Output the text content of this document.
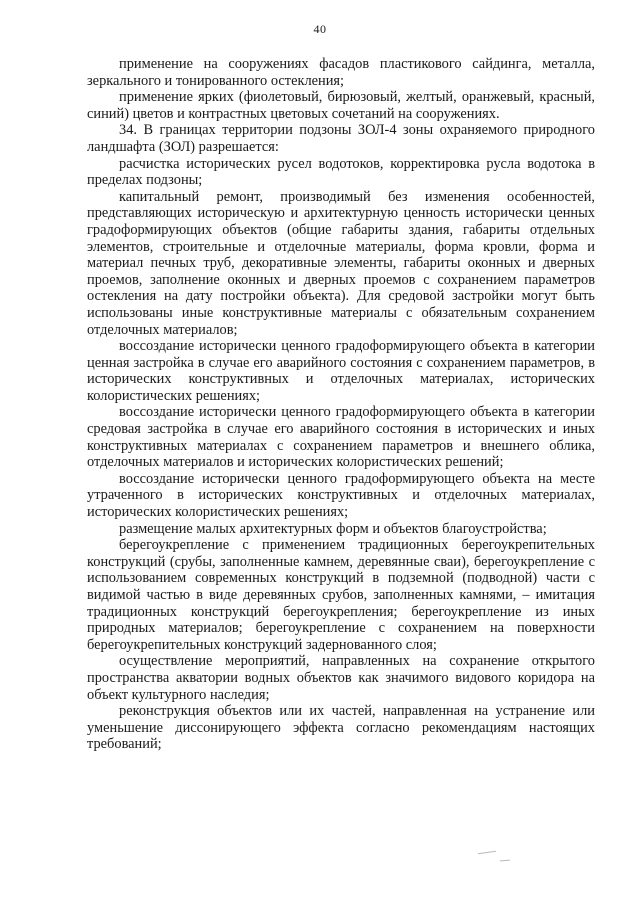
40

применение на сооружениях фасадов пластикового сайдинга, металла, зеркального и тонированного остекления;

применение ярких (фиолетовый, бирюзовый, желтый, оранжевый, красный, синий) цветов и контрастных цветовых сочетаний на сооружениях.

34. В границах территории подзоны ЗОЛ-4 зоны охраняемого природного ландшафта (ЗОЛ) разрешается:

расчистка исторических русел водотоков, корректировка русла водотока в пределах подзоны;

капитальный ремонт, производимый без изменения особенностей, представляющих историческую и архитектурную ценность исторически ценных градоформирующих объектов (общие габариты здания, габариты отдельных элементов, строительные и отделочные материалы, форма кровли, форма и материал печных труб, декоративные элементы, габариты оконных и дверных проемов, заполнение оконных и дверных проемов с сохранением параметров остекления на дату постройки объекта). Для средовой застройки могут быть использованы иные конструктивные материалы с обязательным сохранением отделочных материалов;

воссоздание исторически ценного градоформирующего объекта в категории ценная застройка в случае его аварийного состояния с сохранением параметров, в исторических конструктивных и отделочных материалах, исторических колористических решениях;

воссоздание исторически ценного градоформирующего объекта в категории средовая застройка в случае его аварийного состояния в исторических и иных конструктивных материалах с сохранением параметров и внешнего облика, отделочных материалов и исторических колористических решений;

воссоздание исторически ценного градоформирующего объекта на месте утраченного в исторических конструктивных и отделочных материалах, исторических колористических решениях;

размещение малых архитектурных форм и объектов благоустройства;

берегоукрепление с применением традиционных берегоукрепительных конструкций (срубы, заполненные камнем, деревянные сваи), берегоукрепление с использованием современных конструкций в подземной (подводной) части с видимой частью в виде деревянных срубов, заполненных камнями, – имитация традиционных конструкций берегоукрепления; берегоукрепление из иных природных материалов; берегоукрепление с сохранением на поверхности берегоукрепительных конструкций задернованного слоя;

осуществление мероприятий, направленных на сохранение открытого пространства акватории водных объектов как значимого видового коридора на объект культурного наследия;

реконструкция объектов или их частей, направленная на устранение или уменьшение диссонирующего эффекта согласно рекомендациям настоящих требований;
